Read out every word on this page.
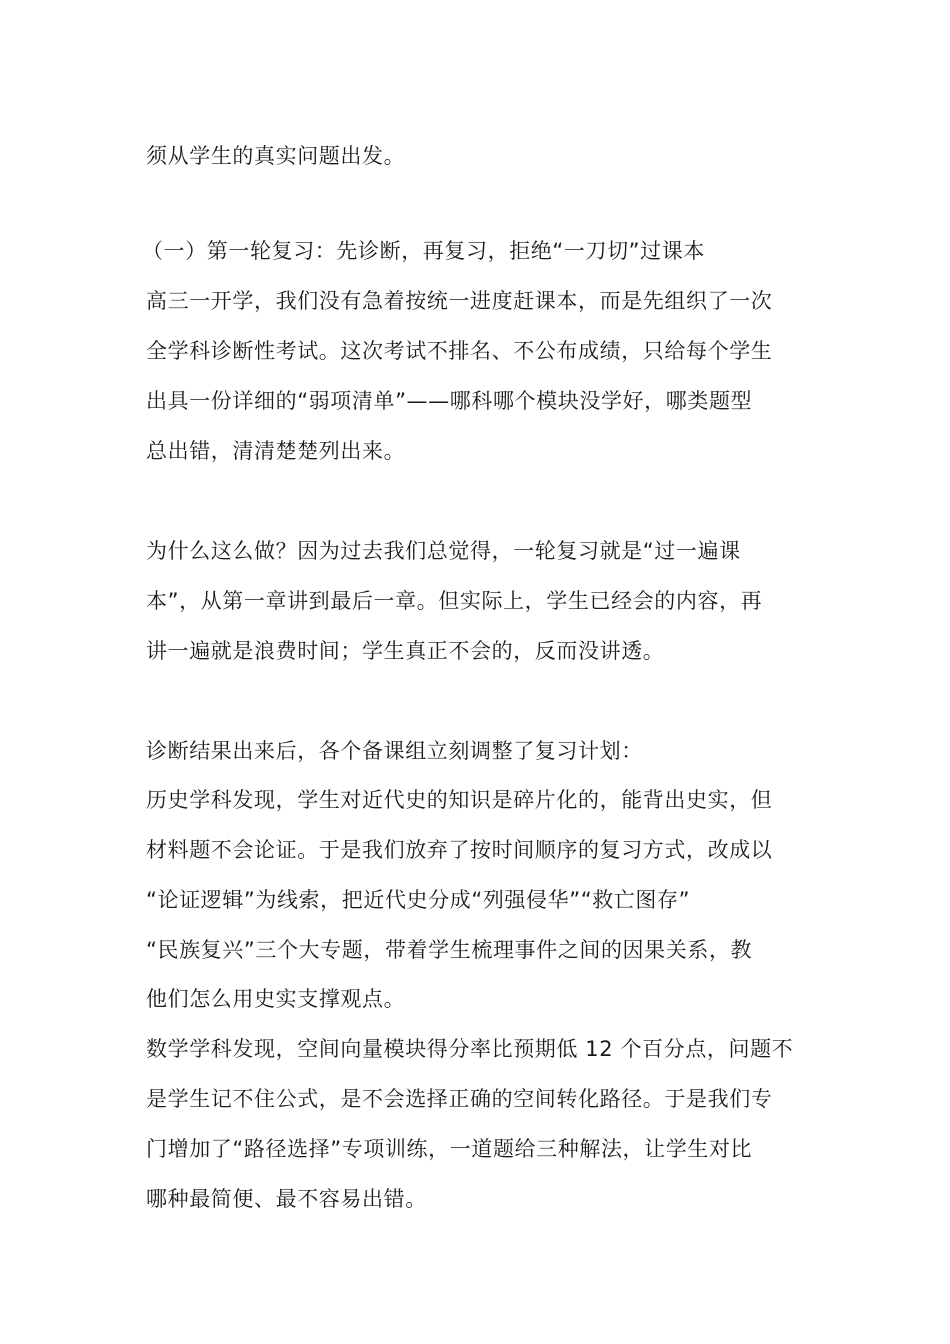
须从学生的真实问题出发。
（一）第一轮复习：先诊断，再复习，拒绝“一刀切”过课本
高三一开学，我们没有急着按统一进度赶课本，而是先组织了一次
全学科诊断性考试。这次考试不排名、不公布成绩，只给每个学生
出具一份详细的“弱项清单”——哪科哪个模块没学好，哪类题型
总出错，清清楚楚列出来。
为什么这么做？因为过去我们总觉得，一轮复习就是“过一遍课
本”，从第一章讲到最后一章。但实际上，学生已经会的内容，再
讲一遍就是浪费时间；学生真正不会的，反而没讲透。
诊断结果出来后，各个备课组立刻调整了复习计划：
历史学科发现，学生对近代史的知识是碎片化的，能背出史实，但
材料题不会论证。于是我们放弃了按时间顺序的复习方式，改成以
“论证逻辑”为线索，把近代史分成“列强侵华”“救亡图存”
“民族复兴”三个大专题，带着学生梳理事件之间的因果关系，教
他们怎么用史实支撑观点。
数学学科发现，空间向量模块得分率比预期低 12 个百分点，问题不
是学生记不住公式，是不会选择正确的空间转化路径。于是我们专
门增加了“路径选择”专项训练，一道题给三种解法，让学生对比
哪种最简便、最不容易出错。
